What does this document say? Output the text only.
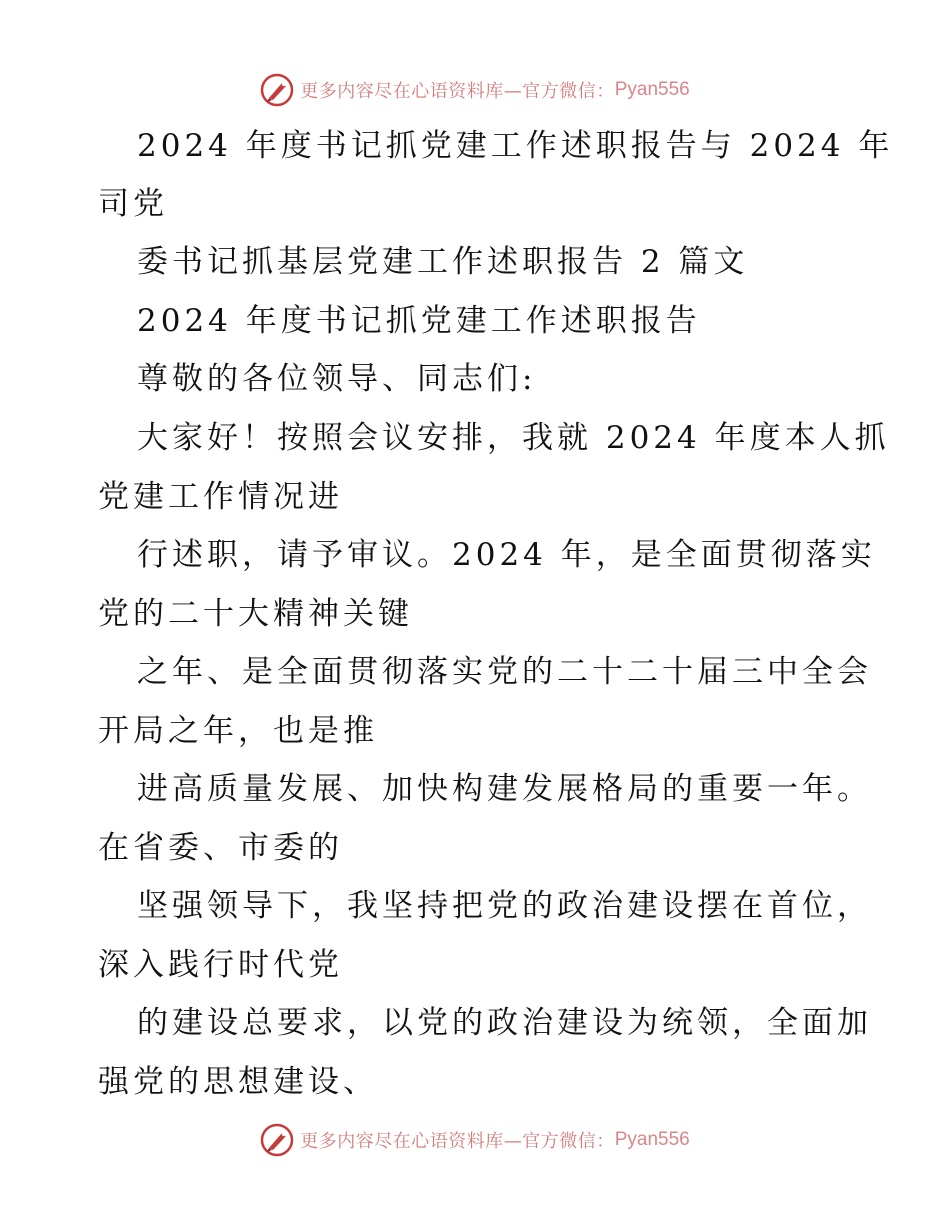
更多内容尽在心语资料库—官方微信： Pyan556
2024 年度书记抓党建工作述职报告与 2024 年
司党
委书记抓基层党建工作述职报告 2 篇文
2024 年度书记抓党建工作述职报告
尊敬的各位领导、同志们:
大家好！按照会议安排，我就 2024 年度本人抓
党建工作情况进
行述职，请予审议。2024 年，是全面贯彻落实
党的二十大精神关键
之年、是全面贯彻落实党的二十二十届三中全会
开局之年，也是推
进高质量发展、加快构建发展格局的重要一年。
在省委、市委的
坚强领导下，我坚持把党的政治建设摆在首位，
深入践行时代党
的建设总要求，以党的政治建设为统领，全面加
强党的思想建设、
更多内容尽在心语资料库—官方微信： Pyan556
